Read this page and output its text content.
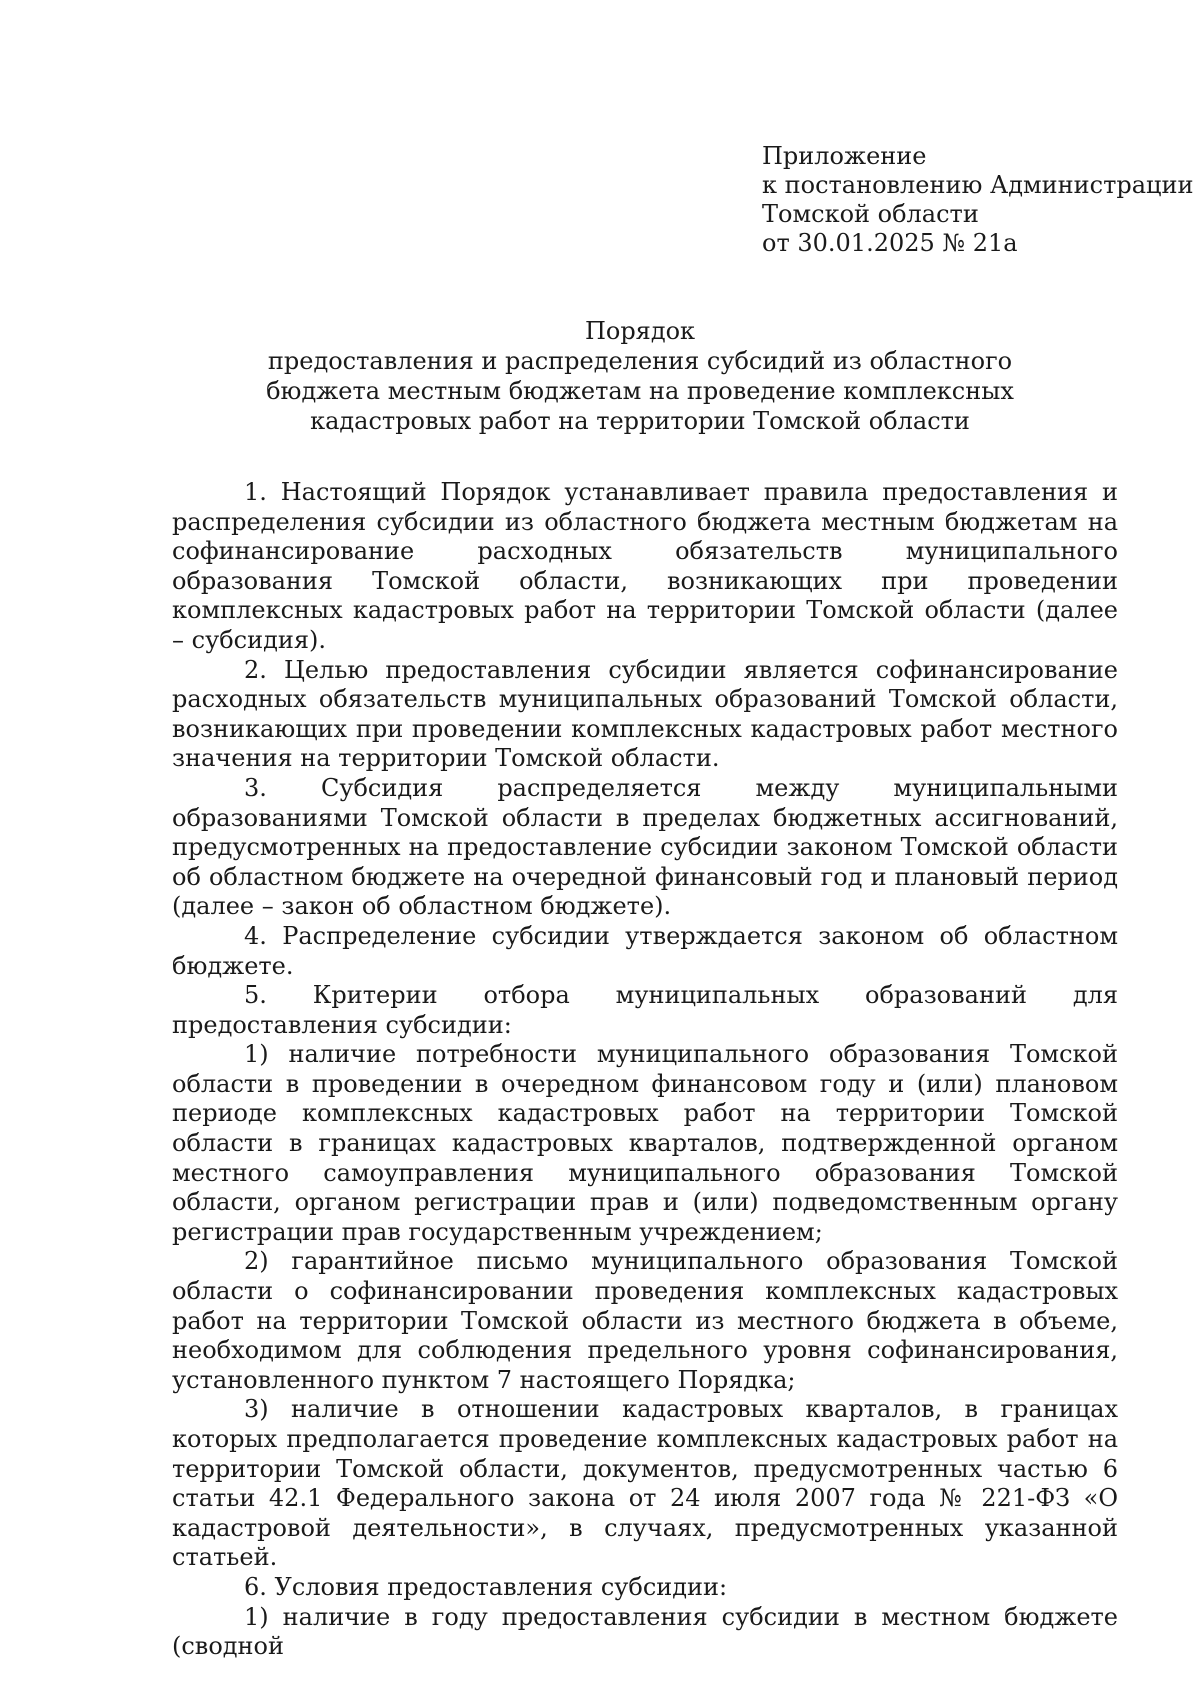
Приложение
к постановлению Администрации
Томской области
от 30.01.2025 № 21а
Порядок
предоставления и распределения субсидий из областного
бюджета местным бюджетам на проведение комплексных
кадастровых работ на территории Томской области

1. Настоящий Порядок устанавливает правила предоставления и распределения субсидии из областного бюджета местным бюджетам на софинансирование расходных обязательств муниципального образования Томской области, возникающих при проведении комплексных кадастровых работ на территории Томской области (далее – субсидия).

2. Целью предоставления субсидии является софинансирование расходных обязательств муниципальных образований Томской области, возникающих при проведении комплексных кадастровых работ местного значения на территории Томской области.

3. Субсидия распределяется между муниципальными образованиями Томской области в пределах бюджетных ассигнований, предусмотренных на предоставление субсидии законом Томской области об областном бюджете на очередной финансовый год и плановый период (далее – закон об областном бюджете).

4. Распределение субсидии утверждается законом об областном бюджете.

5. Критерии отбора муниципальных образований для предоставления субсидии:

1) наличие потребности муниципального образования Томской области в проведении в очередном финансовом году и (или) плановом периоде комплексных кадастровых работ на территории Томской области в границах кадастровых кварталов, подтвержденной органом местного самоуправления муниципального образования Томской области, органом регистрации прав и (или) подведомственным органу регистрации прав государственным учреждением;

2) гарантийное письмо муниципального образования Томской области о софинансировании проведения комплексных кадастровых работ на территории Томской области из местного бюджета в объеме, необходимом для соблюдения предельного уровня софинансирования, установленного пунктом 7 настоящего Порядка;

3) наличие в отношении кадастровых кварталов, в границах которых предполагается проведение комплексных кадастровых работ на территории Томской области, документов, предусмотренных частью 6 статьи 42.1 Федерального закона от 24 июля 2007 года № 221-ФЗ «О кадастровой деятельности», в случаях, предусмотренных указанной статьей.

6. Условия предоставления субсидии:

1) наличие в году предоставления субсидии в местном бюджете (сводной
